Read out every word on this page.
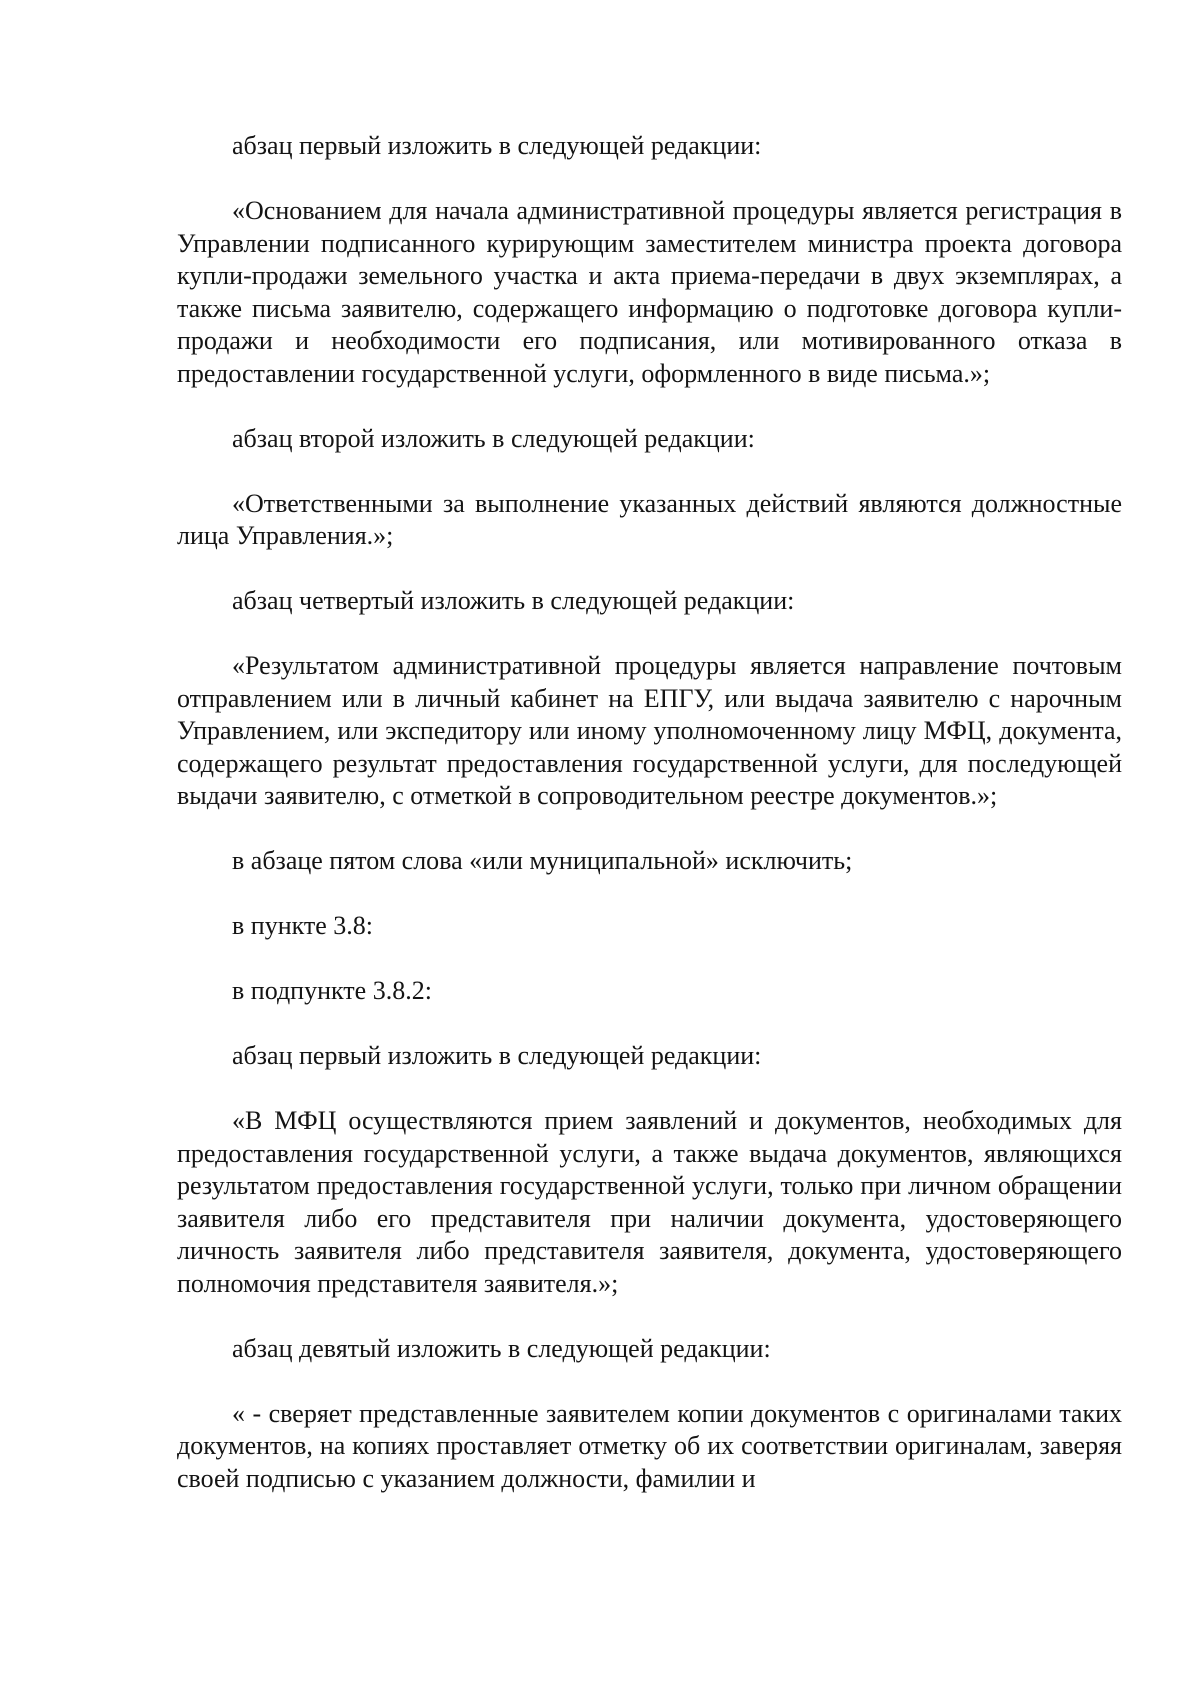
абзац первый изложить в следующей редакции:

«Основанием для начала административной процедуры является регистрация в Управлении подписанного курирующим заместителем министра проекта договора купли-продажи земельного участка и акта приема-передачи в двух экземплярах, а также письма заявителю, содержащего информацию о подготовке договора купли-продажи и необходимости его подписания, или мотивированного отказа в предоставлении государственной услуги, оформленного в виде письма.»;

абзац второй изложить в следующей редакции:

«Ответственными за выполнение указанных действий являются должностные лица Управления.»;

абзац четвертый изложить в следующей редакции:

«Результатом административной процедуры является направление почтовым отправлением или в личный кабинет на ЕПГУ, или выдача заявителю с нарочным Управлением, или экспедитору или иному уполномоченному лицу МФЦ, документа, содержащего результат предоставления государственной услуги, для последующей выдачи заявителю, с отметкой в сопроводительном реестре документов.»;

в абзаце пятом слова «или муниципальной» исключить;

в пункте 3.8:

в подпункте 3.8.2:

абзац первый изложить в следующей редакции:

«В МФЦ осуществляются прием заявлений и документов, необходимых для предоставления государственной услуги, а также выдача документов, являющихся результатом предоставления государственной услуги, только при личном обращении заявителя либо его представителя при наличии документа, удостоверяющего личность заявителя либо представителя заявителя, документа, удостоверяющего полномочия представителя заявителя.»;

абзац девятый изложить в следующей редакции:

« - сверяет представленные заявителем копии документов с оригиналами таких документов, на копиях проставляет отметку об их соответствии оригиналам, заверяя своей подписью с указанием должности, фамилии и
